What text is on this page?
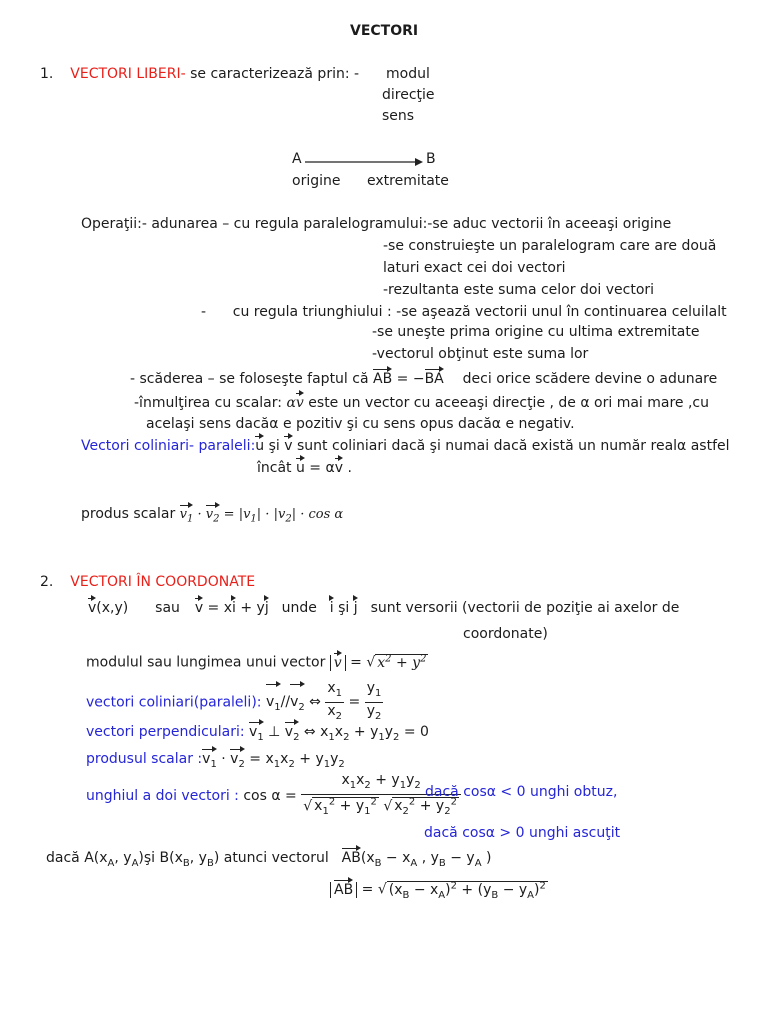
VECTORI
1. VECTORI LIBERI- se caracterizează prin: - modul
direcţie
sens
A	B
origine extremitate
Operaţii:- adunarea – cu regula paralelogramului:-se aduc vectorii în aceeaşi origine
-se construieşte un paralelogram care are două
laturi exact cei doi vectori
-rezultanta este suma celor doi vectori
-      cu regula triunghiului : -se aşează vectorii unul în continuarea celuilalt
-se uneşte prima origine cu ultima extremitate
-vectorul obţinut este suma lor
- scăderea – se foloseşte faptul că AB = −BA deci orice scădere devine o adunare
-înmulţirea cu scalar: αv este un vector cu aceeaşi direcţie , de α ori mai mare ,cu
acelaşi sens dacăα e pozitiv şi cu sens opus dacăα e negativ.
Vectori coliniari- paraleli:u şi v sunt coliniari dacă şi numai dacă există un număr realα astfel
încât u = αv .
produs scalar $v_1 \cdot v_2 = |v_1| \cdot |v_2| \cdot \cos \alpha$
2. VECTORI ÎN COORDONATE
v(x,y) sau v = xi + yj unde i şi j sunt versorii (vectorii de poziţie ai axelor de
coordonate)
modulul sau lungimea unui vector v = √ $x^2 + y^2$
vectori coliniari(paraleli): $v_1//v_2$ ⇔ $\frac{x_1}{x_2} = \frac{y_1}{y_2}$
vectori perpendiculari: $v_1$ ⊥ $v_2$ ⇔ $x_1x_2 + y_1y_2 = 0$
produsul scalar $:v_1 \cdot v_2 = x_1x_2 + y_1y_2$
unghiul a doi vectori : $\cos \alpha = \frac{x_1x_2 + y_1y_2}{√ x_1^2 + y_1^2 √ x_2^2 + y_2^2}$
dacă cosα < 0 unghi obtuz,
dacă cosα > 0 unghi ascuţit
dacă $A(x_A$, $y_A)şi$ $B(x_B$, $y_B$) atunci vectorul $AB(x_B - x_A$ , $y_B - y_A$ )
AB = √ $(x_B - x_A)^2 + (y_B - y_A)^2$
